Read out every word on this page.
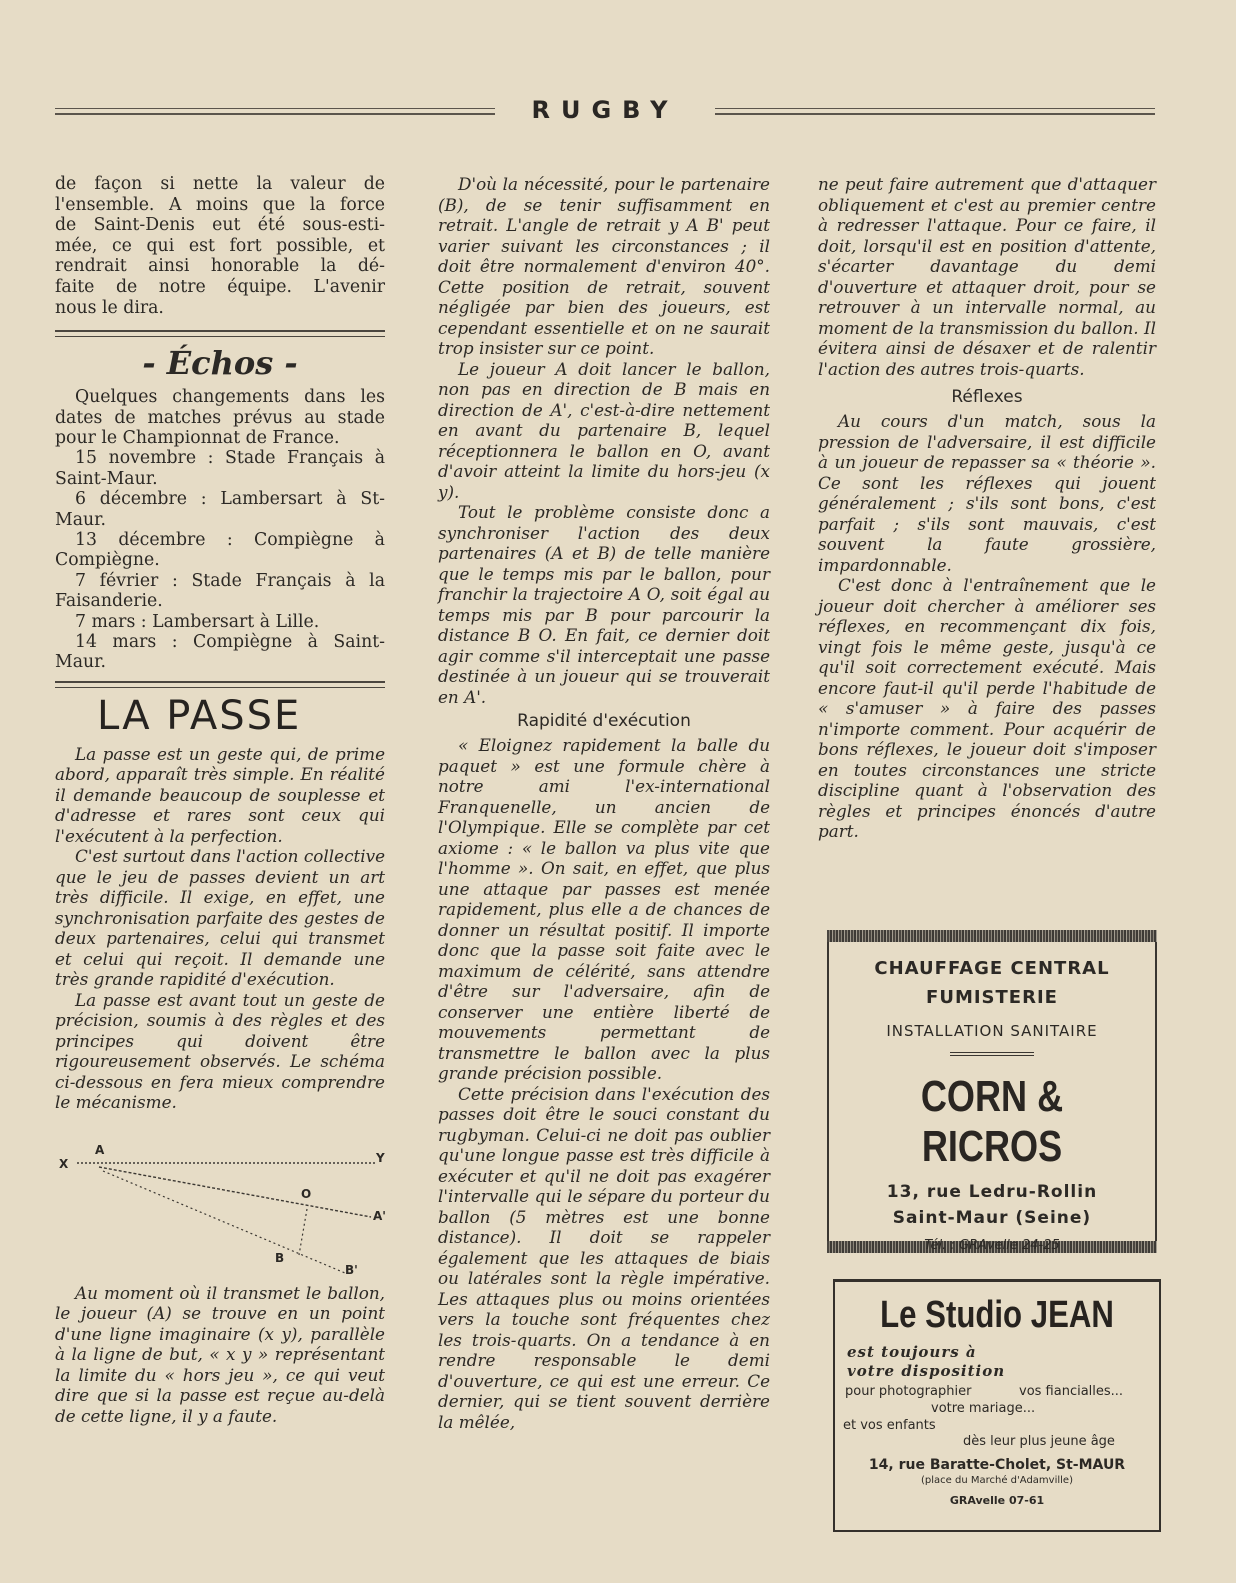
RUGBY
de façon si nette la valeur de
l'ensemble. A moins que la force
de Saint-Denis eut été sous-esti-
mée, ce qui est fort possible, et
rendrait ainsi honorable la dé-
faite de notre équipe. L'avenir
nous le dira.
- Échos -

Quelques changements dans les dates de matches prévus au stade pour le Championnat de France.

15 novembre : Stade Français à Saint-Maur.

6 décembre : Lambersart à St-Maur.

13 décembre : Compiègne à Compiègne.

7 février : Stade Français à la Faisanderie.

7 mars : Lambersart à Lille.

14 mars : Compiègne à Saint-Maur.

LA PASSE

La passe est un geste qui, de prime abord, apparaît très simple. En réalité il demande beaucoup de souplesse et d'adresse et rares sont ceux qui l'exécutent à la perfection.

C'est surtout dans l'action collective que le jeu de passes devient un art très difficile. Il exige, en effet, une synchronisation parfaite des gestes de deux partenaires, celui qui transmet et celui qui reçoit. Il demande une très grande rapidité d'exécution.

La passe est avant tout un geste de précision, soumis à des règles et des principes qui doivent être rigoureusement observés. Le schéma ci-dessous en fera mieux comprendre le mécanisme.

A
X	Y
O
A'
B
B'

Au moment où il transmet le ballon, le joueur (A) se trouve en un point d'une ligne imaginaire (x y), parallèle à la ligne de but, « x y » représentant la limite du « hors jeu », ce qui veut dire que si la passe est reçue au-delà de cette ligne, il y a faute.

D'où la nécessité, pour le partenaire (B), de se tenir suffisamment en retrait. L'angle de retrait y A B' peut varier suivant les circonstances ; il doit être normalement d'environ 40°. Cette position de retrait, souvent négligée par bien des joueurs, est cependant essentielle et on ne saurait trop insister sur ce point.

Le joueur A doit lancer le ballon, non pas en direction de B mais en direction de A', c'est-à-dire nettement en avant du partenaire B, lequel réceptionnera le ballon en O, avant d'avoir atteint la limite du hors-jeu (x y).

Tout le problème consiste donc a synchroniser l'action des deux partenaires (A et B) de telle manière que le temps mis par le ballon, pour franchir la trajectoire A O, soit égal au temps mis par B pour parcourir la distance B O. En fait, ce dernier doit agir comme s'il interceptait une passe destinée à un joueur qui se trouverait en A'.

Rapidité d'exécution

« Eloignez rapidement la balle du paquet » est une formule chère à notre ami l'ex-international Franquenelle, un ancien de l'Olympique. Elle se complète par cet axiome : « le ballon va plus vite que l'homme ». On sait, en effet, que plus une attaque par passes est menée rapidement, plus elle a de chances de donner un résultat positif. Il importe donc que la passe soit faite avec le maximum de célérité, sans attendre d'être sur l'adversaire, afin de conserver une entière liberté de mouvements permettant de transmettre le ballon avec la plus grande précision possible.

Cette précision dans l'exécution des passes doit être le souci constant du rugbyman. Celui-ci ne doit pas oublier qu'une longue passe est très difficile à exécuter et qu'il ne doit pas exagérer l'intervalle qui le sépare du porteur du ballon (5 mètres est une bonne distance). Il doit se rappeler également que les attaques de biais ou latérales sont la règle impérative. Les attaques plus ou moins orientées vers la touche sont fréquentes chez les trois-quarts. On a tendance à en rendre responsable le demi d'ouverture, ce qui est une erreur. Ce dernier, qui se tient souvent derrière la mêlée,

ne peut faire autrement que d'attaquer obliquement et c'est au premier centre à redresser l'attaque. Pour ce faire, il doit, lorsqu'il est en position d'attente, s'écarter davantage du demi d'ouverture et attaquer droit, pour se retrouver à un intervalle normal, au moment de la transmission du ballon. Il évitera ainsi de désaxer et de ralentir l'action des autres trois-quarts.

Réflexes

Au cours d'un match, sous la pression de l'adversaire, il est difficile à un joueur de repasser sa « théorie ». Ce sont les réflexes qui jouent généralement ; s'ils sont bons, c'est parfait ; s'ils sont mauvais, c'est souvent la faute grossière, impardonnable.

C'est donc à l'entraînement que le joueur doit chercher à améliorer ses réflexes, en recommençant dix fois, vingt fois le même geste, jusqu'à ce qu'il soit correctement exécuté. Mais encore faut-il qu'il perde l'habitude de « s'amuser » à faire des passes n'importe comment. Pour acquérir de bons réflexes, le joueur doit s'imposer en toutes circonstances une stricte discipline quant à l'observation des règles et principes énoncés d'autre part.

CHAUFFAGE CENTRAL
FUMISTERIE
INSTALLATION SANITAIRE
CORN & RICROS
13, rue Ledru-Rollin
Saint-Maur (Seine)
Tél. : GRAvelle 24-25
Le Studio JEAN
est toujours à
votre disposition
pour photographier	vos fiancialles...
votre mariage...
et vos enfants
dès leur plus jeune âge
14, rue Baratte-Cholet, St-MAUR
(place du Marché d'Adamville)
GRAvelle 07-61
